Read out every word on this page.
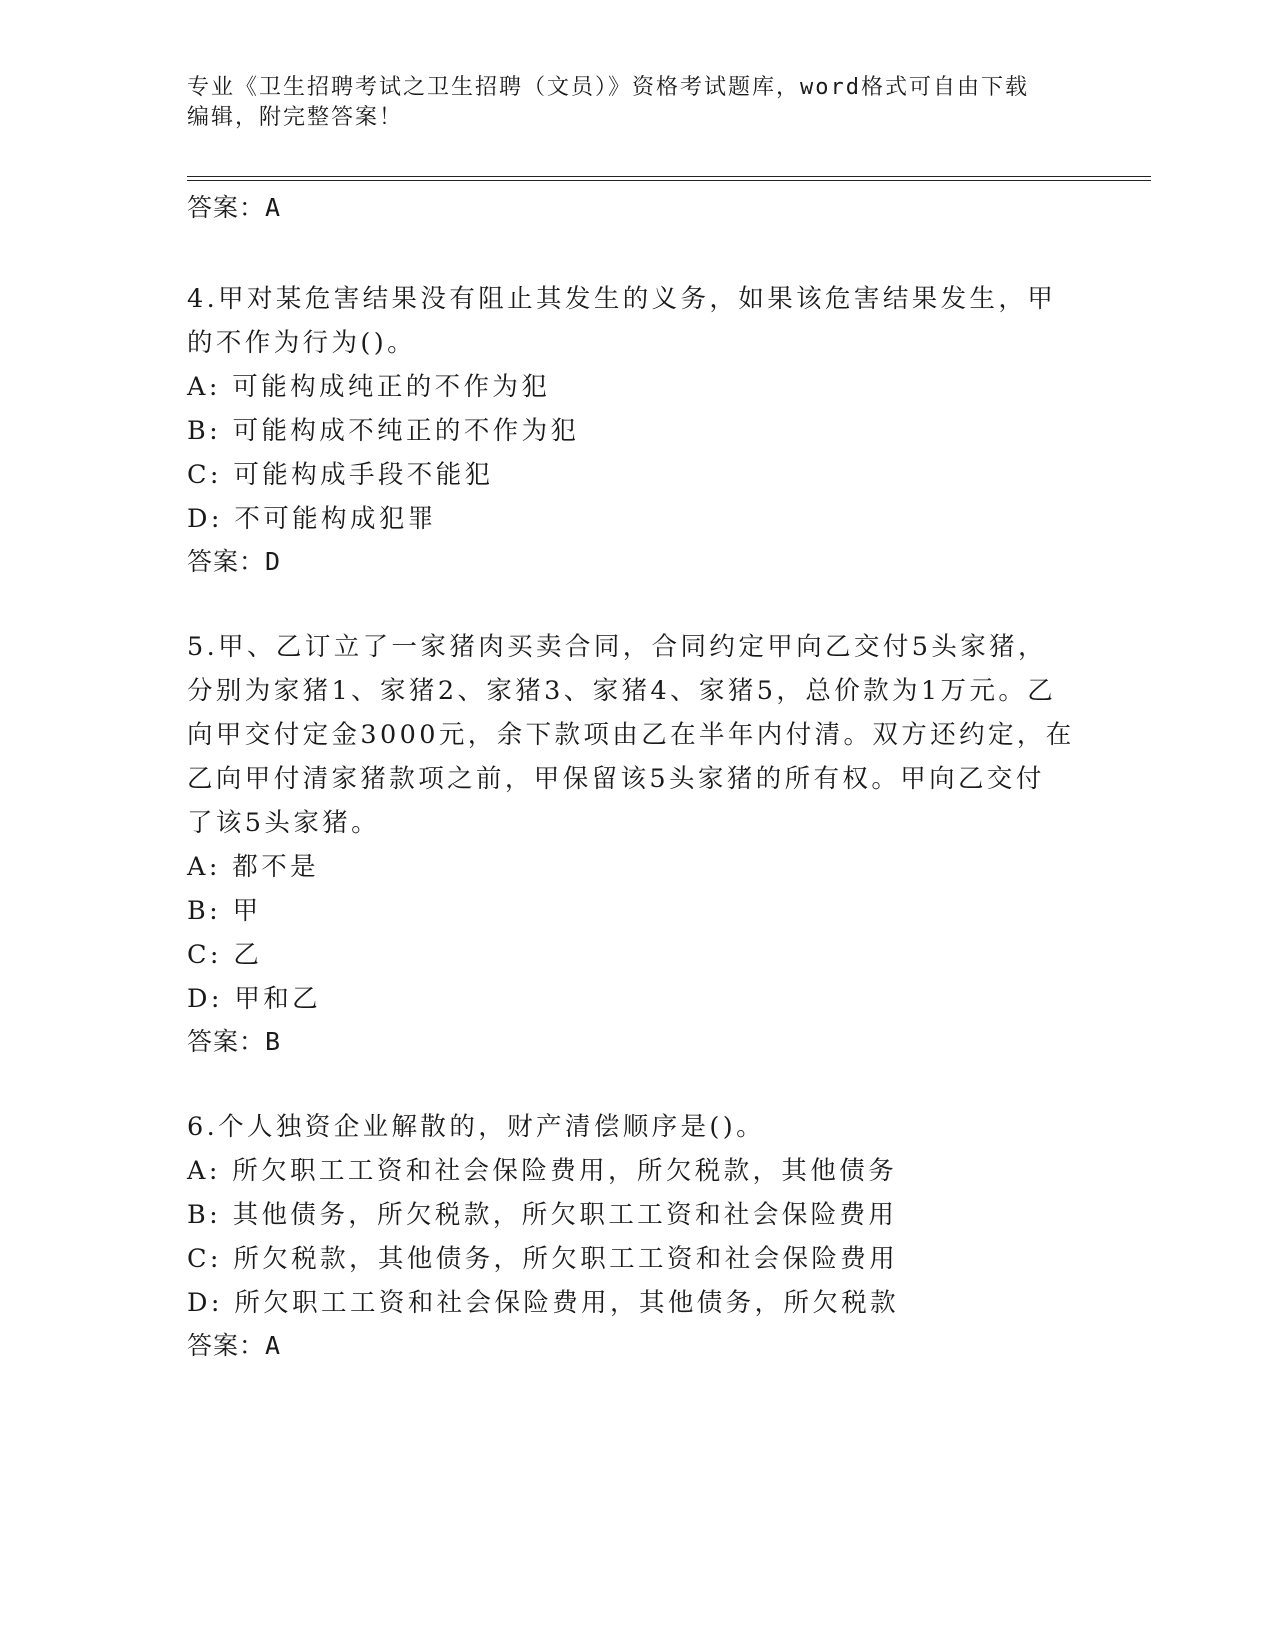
专业《卫生招聘考试之卫生招聘（文员）》资格考试题库，word格式可自由下载
编辑，附完整答案！
答案：A
4.甲对某危害结果没有阻止其发生的义务，如果该危害结果发生，甲
的不作为行为()。
A: 可能构成纯正的不作为犯
B: 可能构成不纯正的不作为犯
C: 可能构成手段不能犯
D: 不可能构成犯罪
答案：D
5.甲、乙订立了一家猪肉买卖合同，合同约定甲向乙交付5头家猪，
分别为家猪1、家猪2、家猪3、家猪4、家猪5，总价款为1万元。乙
向甲交付定金3000元，余下款项由乙在半年内付清。双方还约定，在
乙向甲付清家猪款项之前，甲保留该5头家猪的所有权。甲向乙交付
了该5头家猪。
A: 都不是
B: 甲
C: 乙
D: 甲和乙
答案：B
6.个人独资企业解散的，财产清偿顺序是()。
A: 所欠职工工资和社会保险费用，所欠税款，其他债务
B: 其他债务，所欠税款，所欠职工工资和社会保险费用
C: 所欠税款，其他债务，所欠职工工资和社会保险费用
D: 所欠职工工资和社会保险费用，其他债务，所欠税款
答案：A
